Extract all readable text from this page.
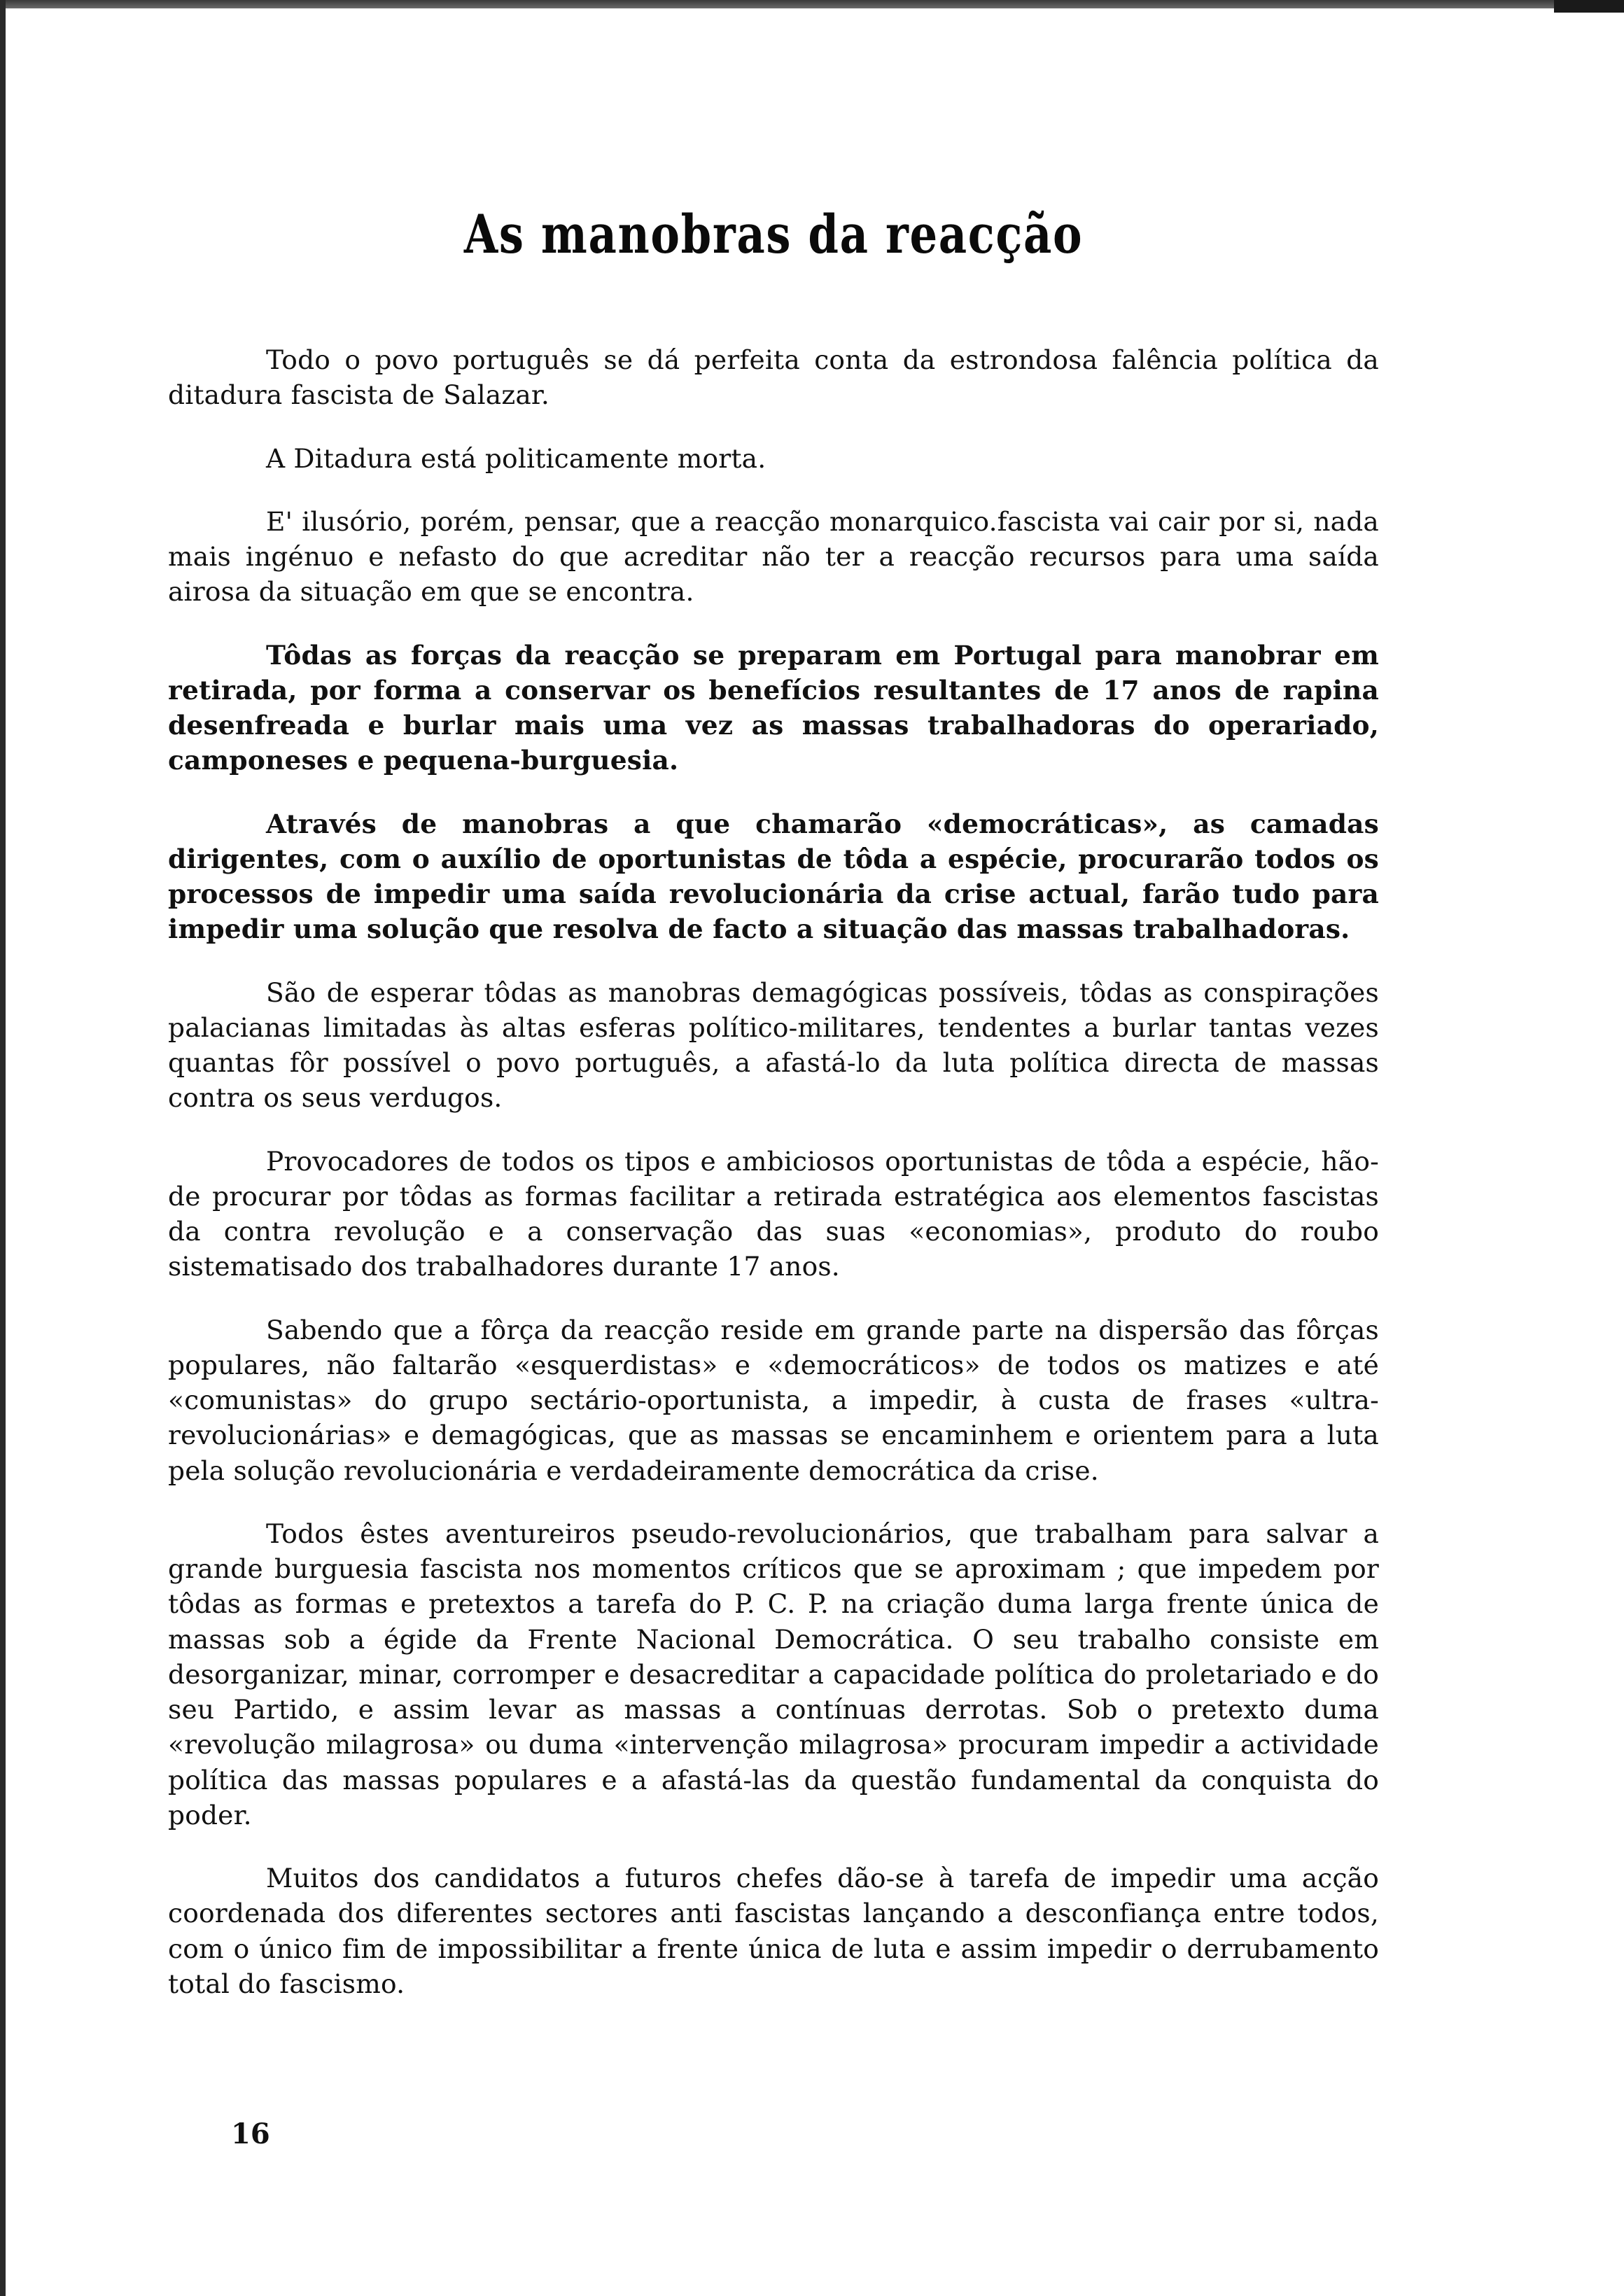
As manobras da reacção

Todo o povo português se dá perfeita conta da estrondosa falência política da ditadura fascista de Salazar.

A Ditadura está politicamente morta.

E' ilusório, porém, pensar, que a reacção monarquico.fascista vai cair por si, nada mais ingénuo e nefasto do que acreditar não ter a reacção recursos para uma saída airosa da situação em que se encontra.

Tôdas as forças da reacção se preparam em Portugal para manobrar em retirada, por forma a conservar os benefícios resultantes de 17 anos de rapina desenfreada e burlar mais uma vez as massas trabalhadoras do operariado, camponeses e pequena-burguesia.

Através de manobras a que chamarão «democráticas», as camadas dirigentes, com o auxílio de oportunistas de tôda a espécie, procurarão todos os processos de impedir uma saída revolucionária da crise actual, farão tudo para impedir uma solução que resolva de facto a situação das massas trabalhadoras.

São de esperar tôdas as manobras demagógicas possíveis, tôdas as conspirações palacianas limitadas às altas esferas político-militares, tendentes a burlar tantas vezes quantas fôr possível o povo português, a afastá-lo da luta política directa de massas contra os seus verdugos.

Provocadores de todos os tipos e ambiciosos oportunistas de tôda a espécie, hão-de procurar por tôdas as formas facilitar a retirada estratégica aos elementos fascistas da contra revolução e a conservação das suas «economias», produto do roubo sistematisado dos trabalhadores durante 17 anos.

Sabendo que a fôrça da reacção reside em grande parte na dispersão das fôrças populares, não faltarão «esquerdistas» e «democráticos» de todos os matizes e até «comunistas» do grupo sectário-oportunista, a impedir, à custa de frases «ultra-revolucionárias» e demagógicas, que as massas se encaminhem e orientem para a luta pela solução revolucionária e verdadeiramente democrática da crise.

Todos êstes aventureiros pseudo-revolucionários, que trabalham para salvar a grande burguesia fascista nos momentos críticos que se aproximam ; que impedem por tôdas as formas e pretextos a tarefa do P. C. P. na criação duma larga frente única de massas sob a égide da Frente Nacional Democrática. O seu trabalho consiste em desorganizar, minar, corromper e desacreditar a capacidade política do proletariado e do seu Partido, e assim levar as massas a contínuas derrotas. Sob o pretexto duma «revolução milagrosa» ou duma «intervenção milagrosa» procuram impedir a actividade política das massas populares e a afastá-las da questão fundamental da conquista do poder.

Muitos dos candidatos a futuros chefes dão-se à tarefa de impedir uma acção coordenada dos diferentes sectores anti fascistas lançando a desconfiança entre todos, com o único fim de impossibilitar a frente única de luta e assim impedir o derrubamento total do fascismo.

16
